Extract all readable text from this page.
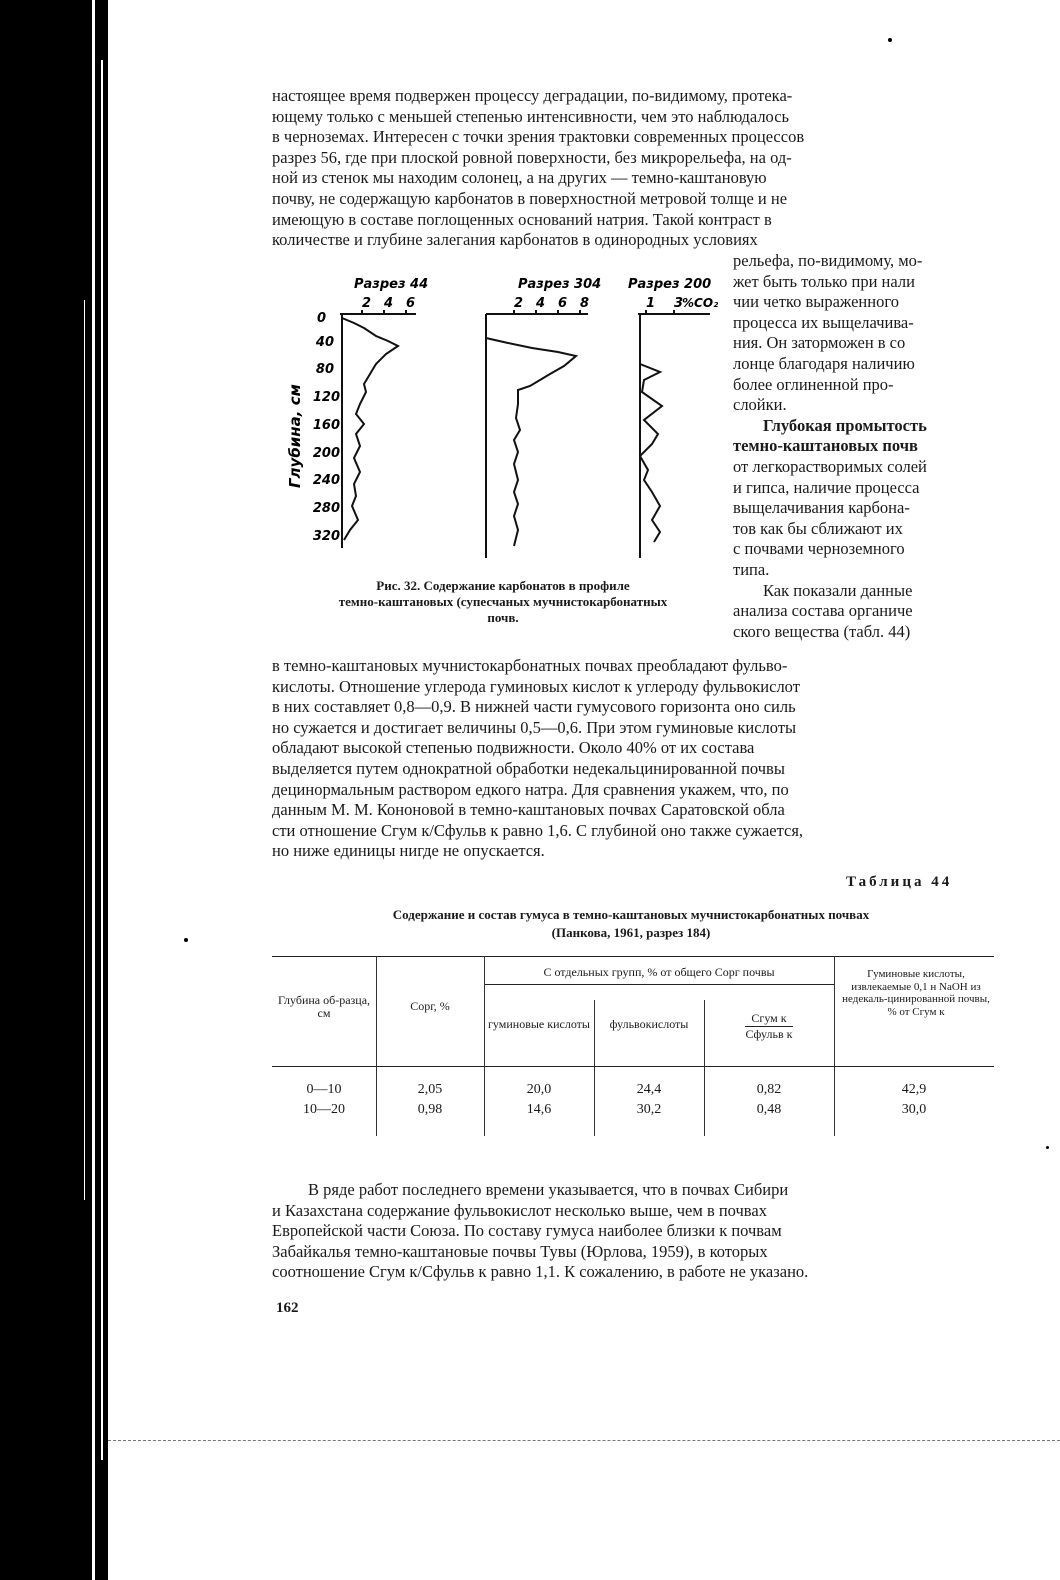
настоящее время подвержен процессу деградации, по-видимому, протека-
ющему только с меньшей степенью интенсивности, чем это наблюдалось
в черноземах. Интересен с точки зрения трактовки современных процессов
разрез 56, где при плоской ровной поверхности, без микрорельефа, на од-
ной из стенок мы находим солонец, а на других — темно-каштановую
почву, не содержащую карбонатов в поверхностной метровой толще и не
имеющую в составе поглощенных оснований натрия. Такой контраст в
количестве и глубине залегания карбонатов в одинородных условиях
рельефа, по-видимому, мо-
жет быть только при нали
чии четко выраженного
процесса их выщелачива-
ния. Он заторможен в со
лонце благодаря наличию
более оглиненной про-
слойки.
Глубокая промытость
темно-каштановых почв
от легкорастворимых солей
и гипса, наличие процесса
выщелачивания карбона-
тов как бы сближают их
с почвами черноземного
типа.
Как показали данные
анализа состава органиче
ского вещества (табл. 44)
Разрез 44	Разрез 304 Разрез 200
2 4 6	2 4 6 8	1 3
%CO₂
0
40
80
120
160
200
240
280
320
Глубина, см
Рис. 32. Содержание карбонатов в профиле
темно-каштановых (супесчаных мучнистокарбонатных
почв.
в темно-каштановых мучнистокарбонатных почвах преобладают фульво-
кислоты. Отношение углерода гуминовых кислот к углероду фульвокислот
в них составляет 0,8—0,9. В нижней части гумусового горизонта оно силь
но сужается и достигает величины 0,5—0,6. При этом гуминовые кислоты
обладают высокой степенью подвижности. Около 40% от их состава
выделяется путем однократной обработки недекальцинированной почвы
децинормальным раствором едкого натра. Для сравнения укажем, что, по
данным М. М. Кононовой в темно-каштановых почвах Саратовской обла
сти отношение Cгум к/Cфульв к равно 1,6. С глубиной оно также сужается,
но ниже единицы нигде не опускается.
Таблица 44
Содержание и состав гумуса в темно-каштановых мучнистокарбонатных почвах
(Панкова, 1961, разрез 184)
Глубина об-разца, см	Cорг, %
С отдельных групп, % от общего Cорг почвы
гуминовые кислоты	фульвокислоты	Cгум к
Cфульв к
Гуминовые кислоты, извлекаемые 0,1 н NaOH из недекаль-цинированной почвы, % от Cгум к
0—10	2,05	20,0	24,4	0,82	42,9
10—20	0,98	14,6	30,2	0,48	30,0
В ряде работ последнего времени указывается, что в почвах Сибири
и Казахстана содержание фульвокислот несколько выше, чем в почвах
Европейской части Союза. По составу гумуса наиболее близки к почвам
Забайкалья темно-каштановые почвы Тувы (Юрлова, 1959), в которых
соотношение Cгум к/Cфульв к равно 1,1. К сожалению, в работе не указано.
162
